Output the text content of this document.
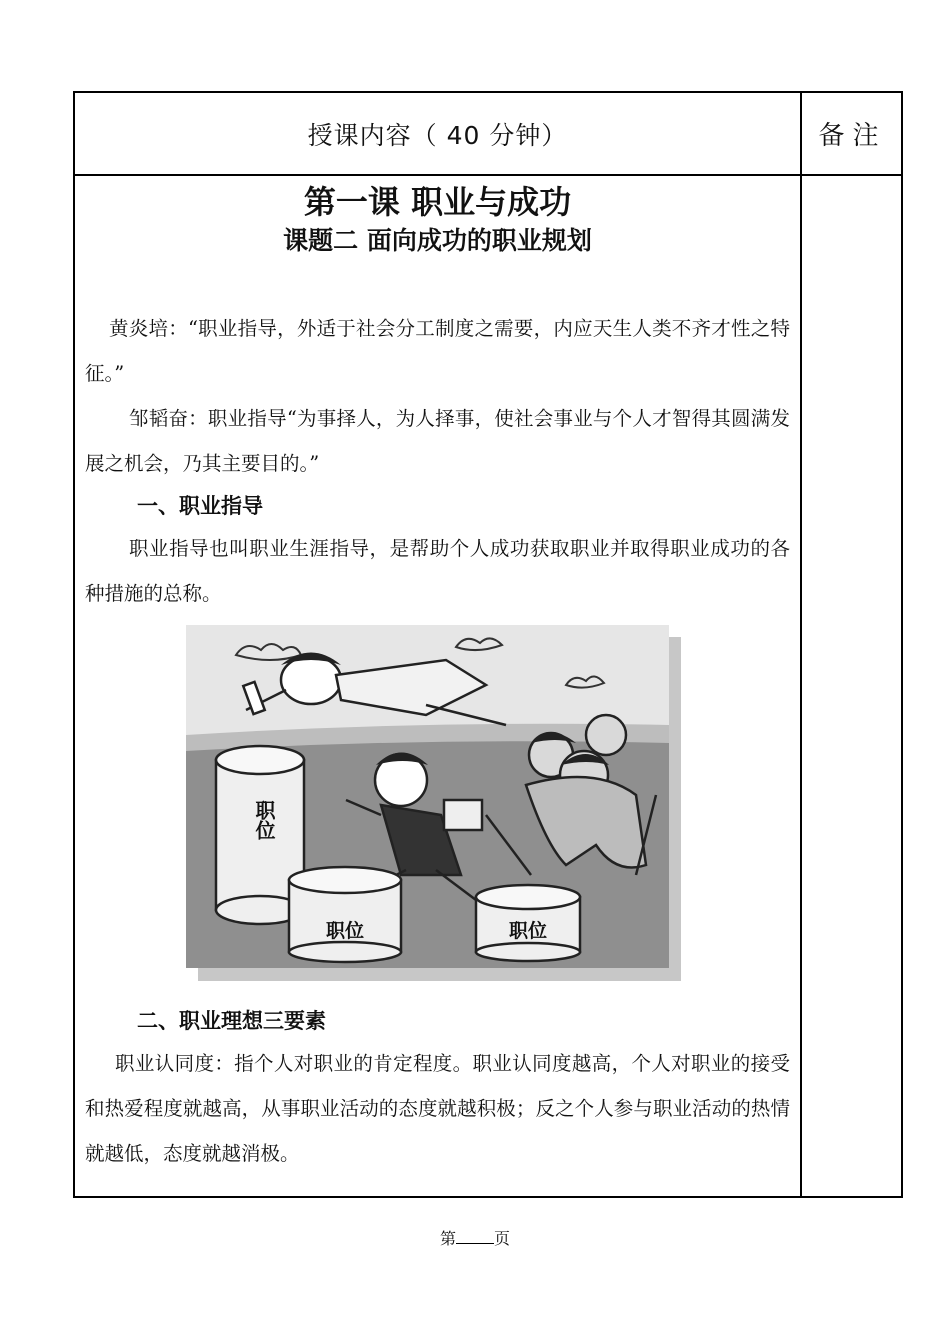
授课内容（ 40 分钟）	备注
第一课 职业与成功
课题二 面向成功的职业规划

黄炎培：“职业指导，外适于社会分工制度之需要，内应天生人类不齐才性之特征。”

邹韬奋：职业指导“为事择人，为人择事，使社会事业与个人才智得其圆满发展之机会，乃其主要目的。”

一、职业指导

职业指导也叫职业生涯指导，是帮助个人成功获取职业并取得职业成功的各种措施的总称。

职位
职位	职位

二、职业理想三要素

职业认同度：指个人对职业的肯定程度。职业认同度越高，个人对职业的接受和热爱程度就越高，从事职业活动的态度就越积极；反之个人参与职业活动的热情就越低，态度就越消极。

第 页
